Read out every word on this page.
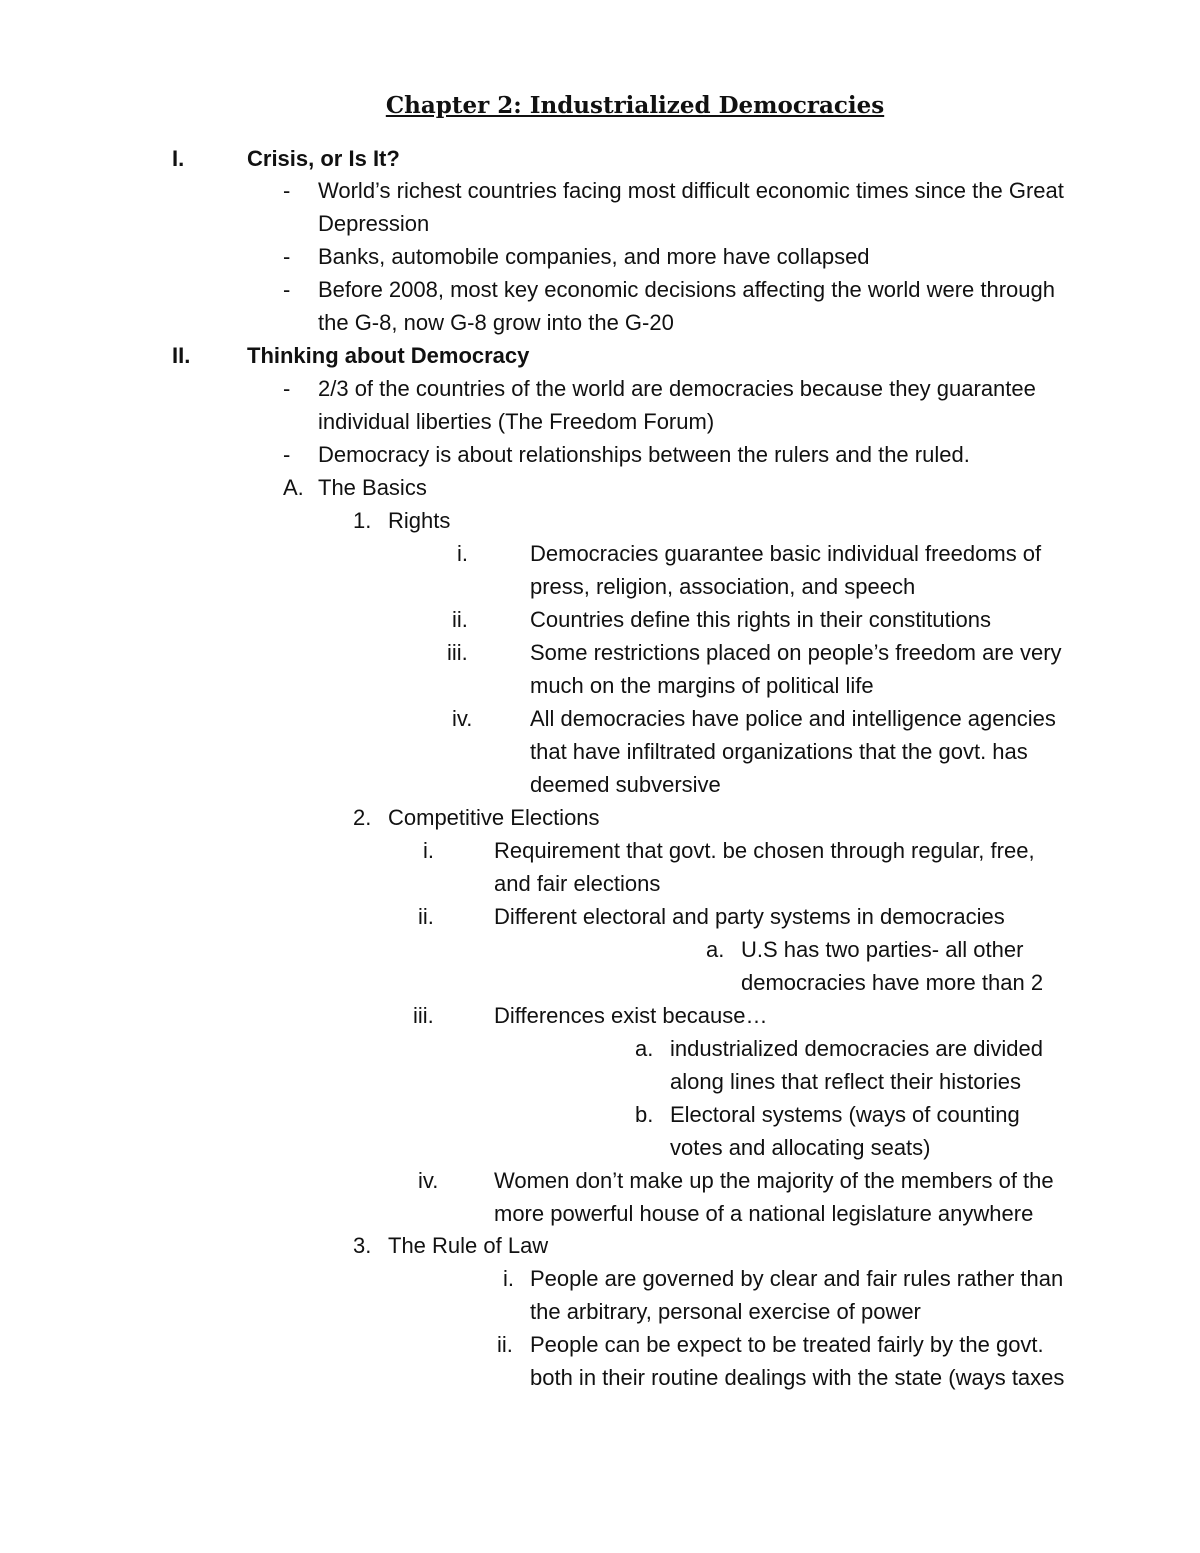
Chapter 2: Industrialized Democracies
I.	Crisis, or Is It?
- World’s richest countries facing most difficult economic times since the Great
Depression
- Banks, automobile companies, and more have collapsed
- Before 2008, most key economic decisions affecting the world were through
the G-8, now G-8 grow into the G-20
II.	Thinking about Democracy
- 2/3 of the countries of the world are democracies because they guarantee
individual liberties (The Freedom Forum)
- Democracy is about relationships between the rulers and the ruled.
A. The Basics
1. Rights
i.	Democracies guarantee basic individual freedoms of
press, religion, association, and speech
ii.	Countries define this rights in their constitutions
iii.	Some restrictions placed on people’s freedom are very
much on the margins of political life
iv.	All democracies have police and intelligence agencies
that have infiltrated organizations that the govt. has
deemed subversive
2. Competitive Elections
i.	Requirement that govt. be chosen through regular, free,
and fair elections
ii.	Different electoral and party systems in democracies
a. U.S has two parties- all other
democracies have more than 2
iii.	Differences exist because…
a. industrialized democracies are divided
along lines that reflect their histories
b. Electoral systems (ways of counting
votes and allocating seats)
iv.	Women don’t make up the majority of the members of the
more powerful house of a national legislature anywhere
3. The Rule of Law
i. People are governed by clear and fair rules rather than
the arbitrary, personal exercise of power
ii. People can be expect to be treated fairly by the govt.
both in their routine dealings with the state (ways taxes
